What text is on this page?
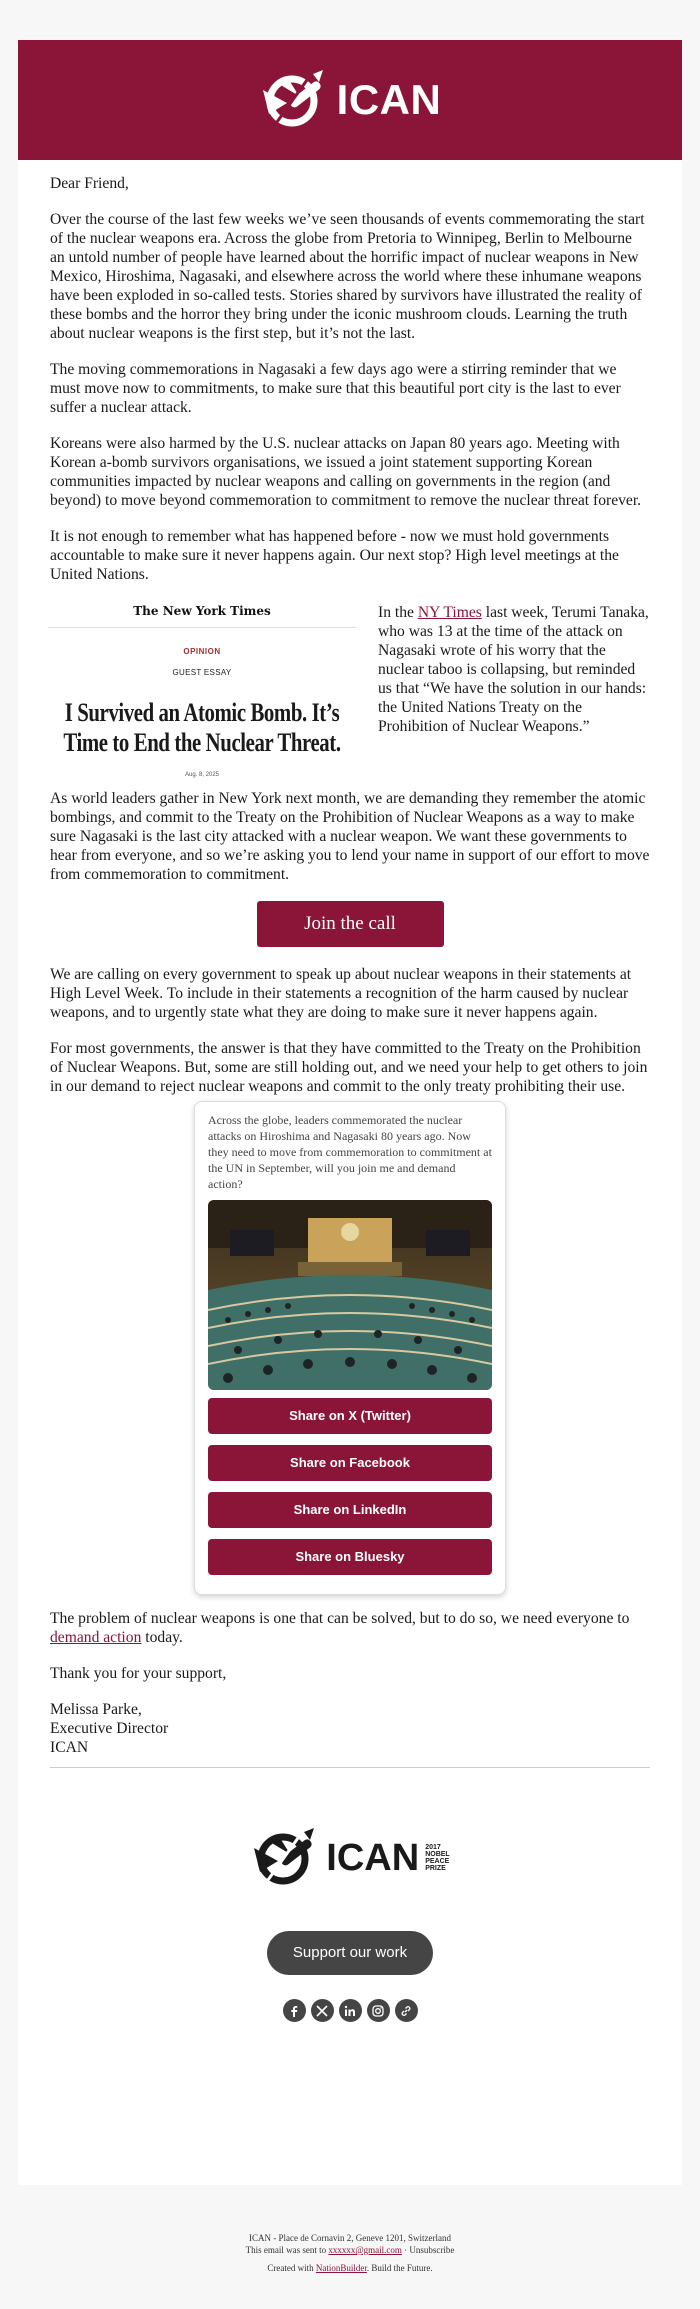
ICAN

Dear Friend,

Over the course of the last few weeks we’ve seen thousands of events commemorating the start of the nuclear weapons era. Across the globe from Pretoria to Winnipeg, Berlin to Melbourne an untold number of people have learned about the horrific impact of nuclear weapons in New Mexico, Hiroshima, Nagasaki, and elsewhere across the world where these inhumane weapons have been exploded in so-called tests. Stories shared by survivors have illustrated the reality of these bombs and the horror they bring under the iconic mushroom clouds. Learning the truth about nuclear weapons is the first step, but it’s not the last.

The moving commemorations in Nagasaki a few days ago were a stirring reminder that we must move now to commitments, to make sure that this beautiful port city is the last to ever suffer a nuclear attack.

Koreans were also harmed by the U.S. nuclear attacks on Japan 80 years ago. Meeting with Korean a-bomb survivors organisations, we issued a joint statement supporting Korean communities impacted by nuclear weapons and calling on governments in the region (and beyond) to move beyond commemoration to commitment to remove the nuclear threat forever.

It is not enough to remember what has happened before - now we must hold governments accountable to make sure it never happens again. Our next stop? High level meetings at the United Nations.

The New York Times
OPINION
GUEST ESSAY
I Survived an Atomic Bomb. It’s Time to End the Nuclear Threat.
Aug. 8, 2025
In the NY Times last week, Terumi Tanaka, who was 13 at the time of the attack on Nagasaki wrote of his worry that the nuclear taboo is collapsing, but reminded us that “We have the solution in our hands: the United Nations Treaty on the Prohibition of Nuclear Weapons.”

As world leaders gather in New York next month, we are demanding they remember the atomic bombings, and commit to the Treaty on the Prohibition of Nuclear Weapons as a way to make sure Nagasaki is the last city attacked with a nuclear weapon. We want these governments to hear from everyone, and so we’re asking you to lend your name in support of our effort to move from commemoration to commitment.

Join the call

We are calling on every government to speak up about nuclear weapons in their statements at High Level Week. To include in their statements a recognition of the harm caused by nuclear weapons, and to urgently state what they are doing to make sure it never happens again.

For most governments, the answer is that they have committed to the Treaty on the Prohibition of Nuclear Weapons. But, some are still holding out, and we need your help to get others to join in our demand to reject nuclear weapons and commit to the only treaty prohibiting their use.

Across the globe, leaders commemorated the nuclear attacks on Hiroshima and Nagasaki 80 years ago. Now they need to move from commemoration to commitment at the UN in September, will you join me and demand action?
Share on X (Twitter)
Share on Facebook
Share on LinkedIn
Share on Bluesky

The problem of nuclear weapons is one that can be solved, but to do so, we need everyone to demand action today.

Thank you for your support,

Melissa Parke,
Executive Director
ICAN
ICAN 2017
NOBEL
PEACE
PRIZE
Support our work
ICAN - Place de Cornavin 2, Geneve 1201, Switzerland
This email was sent to xxxxxx@gmail.com · Unsubscribe
Created with NationBuilder. Build the Future.
